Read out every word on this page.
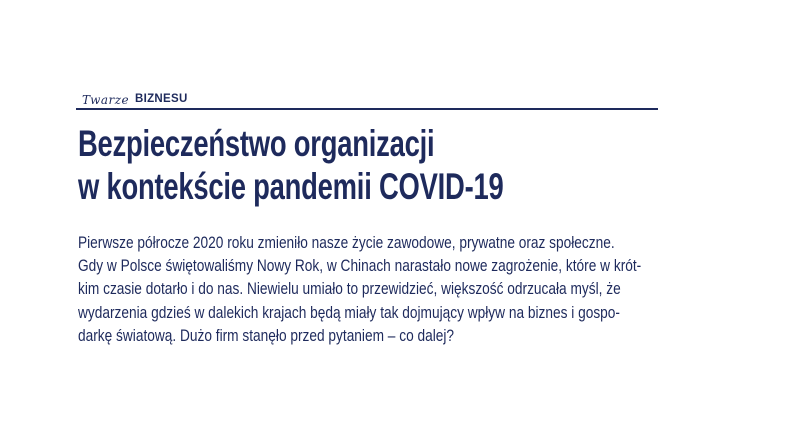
Twarze BIZNESU
Bezpieczeństwo organizacji
w kontekście pandemii COVID-19

Pierwsze półrocze 2020 roku zmieniło nasze życie zawodowe, prywatne oraz społeczne.
Gdy w Polsce świętowaliśmy Nowy Rok, w Chinach narastało nowe zagrożenie, które w krót-
kim czasie dotarło i do nas. Niewielu umiało to przewidzieć, większość odrzucała myśl, że
wydarzenia gdzieś w dalekich krajach będą miały tak dojmujący wpływ na biznes i gospo-
darkę światową. Dużo firm stanęło przed pytaniem – co dalej?
